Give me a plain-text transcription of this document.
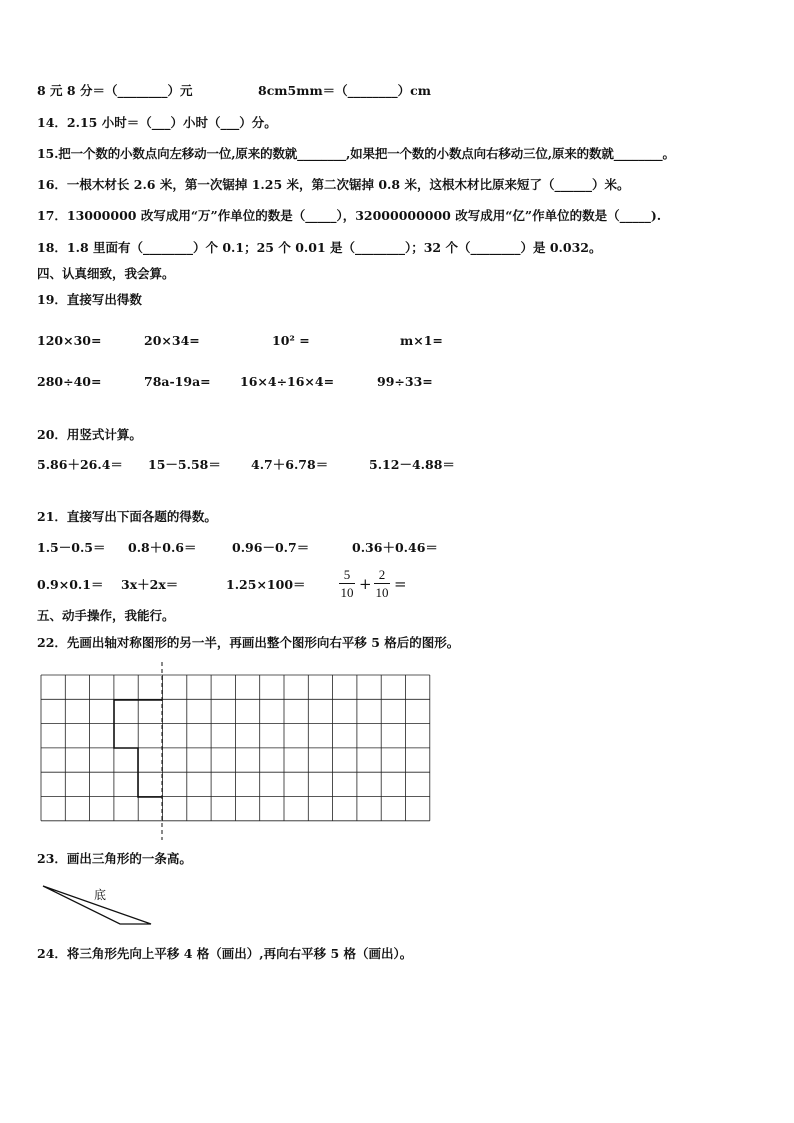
8 元 8 分＝（________）元	8cm5mm＝（________）cm
14．2.15 小时＝（___）小时（___）分。
15.把一个数的小数点向左移动一位,原来的数就________,如果把一个数的小数点向右移动三位,原来的数就________。
16．一根木材长 2.6 米，第一次锯掉 1.25 米，第二次锯掉 0.8 米，这根木材比原来短了（______）米。
17．13000000 改写成用“万”作单位的数是（_____），32000000000 改写成用“亿”作单位的数是（_____).
18．1.8 里面有（________）个 0.1；25 个 0.01 是（________）；32 个（________）是 0.032。
四、认真细致，我会算。
19．直接写出得数
120×30=	20×34=	10² =	m×1=
280÷40=	78a-19a= 16×4÷16×4=	99÷33=
20．用竖式计算。
5.86＋26.4＝ 15－5.58＝ 4.7＋6.78＝	5.12－4.88＝
21．直接写出下面各题的得数。
1.5－0.5＝ 0.8＋0.6＝	0.96－0.7＝	0.36＋0.46＝
0.9×0.1＝ 3x＋2x＝	1.25×100＝
5
10 +
2
10 =
五、动手操作，我能行。
22．先画出轴对称图形的另一半，再画出整个图形向右平移 5 格后的图形。
23．画出三角形的一条高。
底
24．将三角形先向上平移 4 格（画出）,再向右平移 5 格（画出）。
